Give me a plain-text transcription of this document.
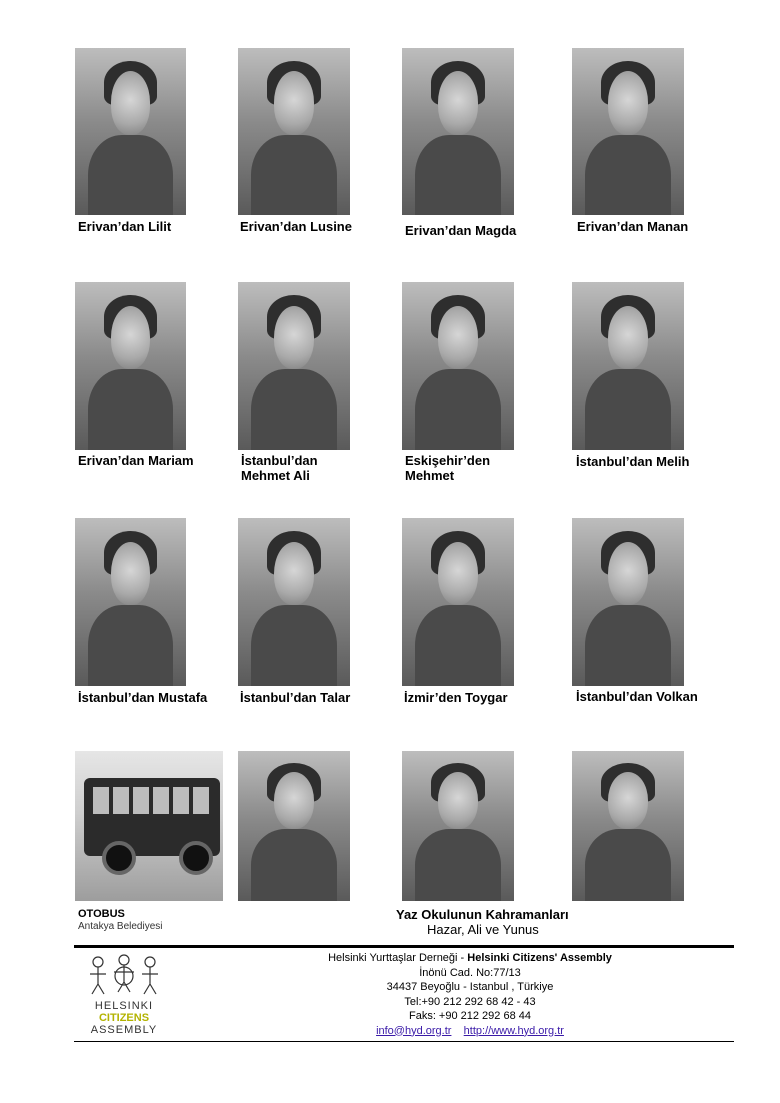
Erivan’dan Lilit	Erivan’dan Lusine	Erivan’dan Magda	Erivan’dan Manan
Erivan’dan Mariam	İstanbul’dan
Mehmet Ali
Eskişehir’den
Mehmet
İstanbul’dan Melih
İstanbul’dan Mustafa	İstanbul’dan Talar	İzmir’den Toygar	İstanbul’dan Volkan
OTOBUS
Antakya Belediyesi
Yaz Okulunun Kahramanları
Hazar, Ali ve Yunus
HELSINKI
CITIZENS
ASSEMBLY
Helsinki Yurttaşlar Derneği - Helsinki Citizens' Assembly
İnönü Cad. No:77/13
34437 Beyoğlu - Istanbul , Türkiye
Tel:+90 212 292 68 42 - 43
Faks: +90 212 292 68 44
info@hyd.org.tr http://www.hyd.org.tr
